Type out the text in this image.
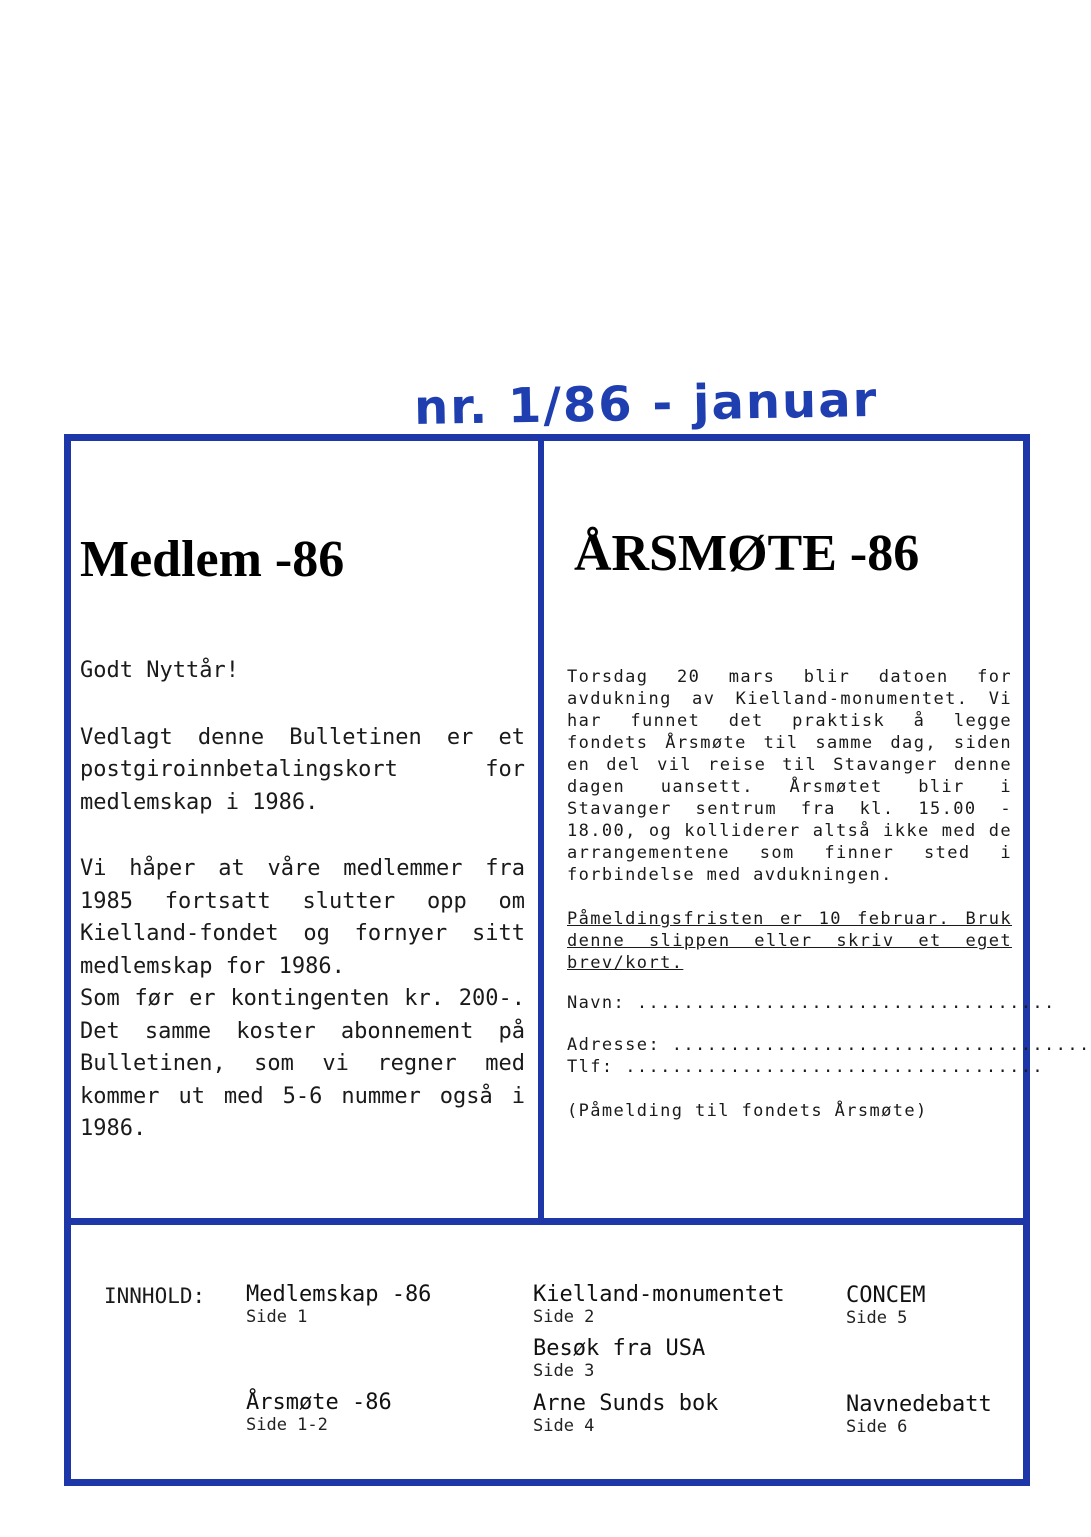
nr. 1/86 - januar
Medlem -86	ÅRSMØTE -86

Godt Nyttår!

Vedlagt denne Bulletinen er et postgiroinnbetalingskort for medlemskap i 1986.

Vi håper at våre medlemmer fra 1985 fortsatt slutter opp om Kielland-fondet og fornyer sitt medlemskap for 1986.

Som før er kontingenten kr. 200-. Det samme koster abonnement på Bulletinen, som vi regner med kommer ut med 5-6 nummer også i 1986.

Torsdag 20 mars blir datoen for avdukning av Kielland-monumentet. Vi har funnet det praktisk å legge fondets Årsmøte til samme dag, siden en del vil reise til Stavanger denne dagen uansett. Årsmøtet blir i Stavanger sentrum fra kl. 15.00 - 18.00, og kolliderer altså ikke med de arrangementene som finner sted i forbindelse med avdukningen.

Påmeldingsfristen er 10 februar. Bruk denne slippen eller skriv et eget brev/kort.

Navn: ....................................

Adresse: ....................................

Tlf: ....................................

(Påmelding til fondets Årsmøte)

INNHOLD: Medlemskap -86
Side 1
Årsmøte -86
Side 1-2
Kielland-monumentet
Side 2
Besøk fra USA
Side 3
Arne Sunds bok
Side 4
CONCEM
Side 5
Navnedebatt
Side 6
